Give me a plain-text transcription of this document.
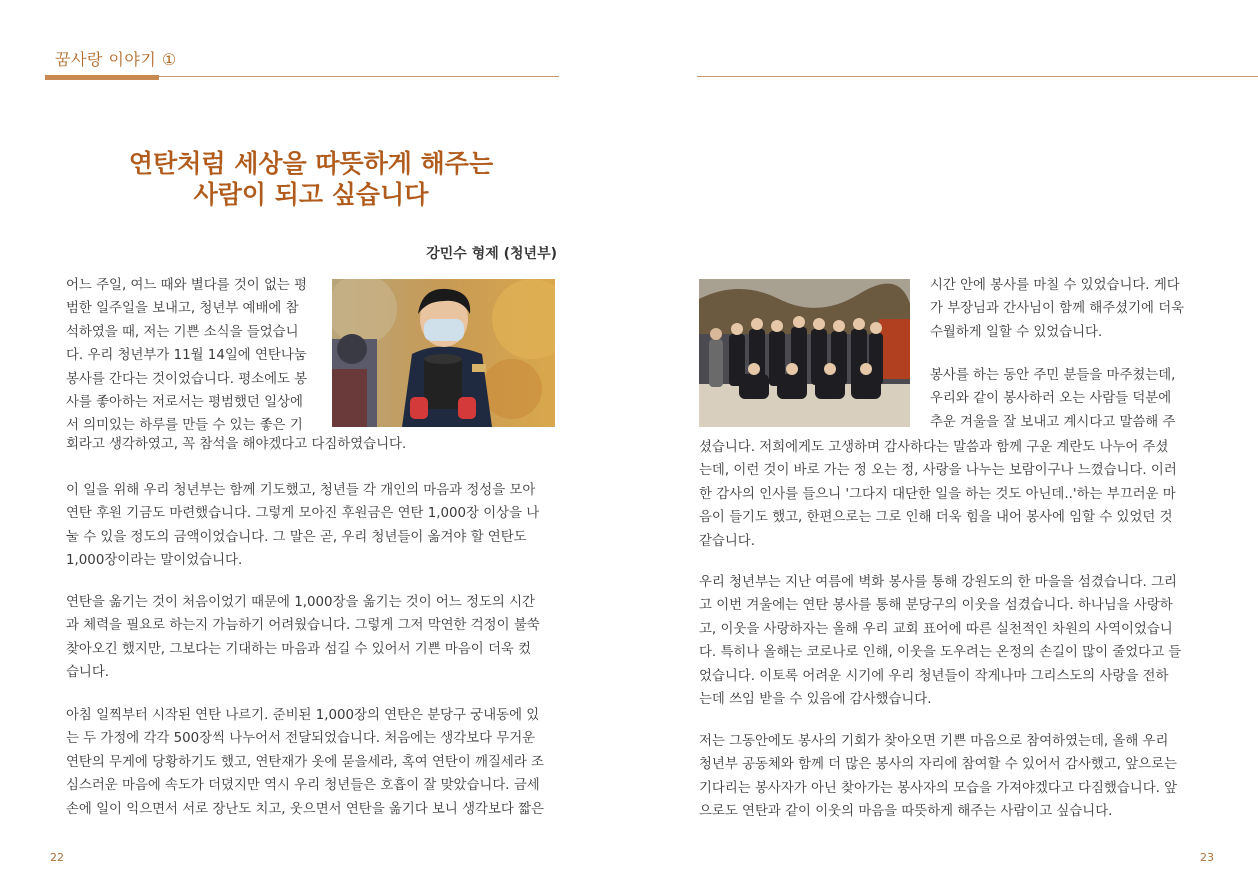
꿈사랑 이야기 ①
연탄처럼 세상을 따뜻하게 해주는
사람이 되고 싶습니다
강민수 형제 (청년부)
어느 주일, 여느 때와 별다를 것이 없는 평
범한 일주일을 보내고, 청년부 예배에 참
석하였을 때, 저는 기쁜 소식을 들었습니
다. 우리 청년부가 11월 14일에 연탄나눔
봉사를 간다는 것이었습니다. 평소에도 봉
사를 좋아하는 저로서는 평범했던 일상에
서 의미있는 하루를 만들 수 있는 좋은 기
회라고 생각하였고, 꼭 참석을 해야겠다고 다짐하였습니다.
이 일을 위해 우리 청년부는 함께 기도했고, 청년들 각 개인의 마음과 정성을 모아
연탄 후원 기금도 마련했습니다. 그렇게 모아진 후원금은 연탄 1,000장 이상을 나
눌 수 있을 정도의 금액이었습니다. 그 말은 곧, 우리 청년들이 옮겨야 할 연탄도
1,000장이라는 말이었습니다.
연탄을 옮기는 것이 처음이었기 때문에 1,000장을 옮기는 것이 어느 정도의 시간
과 체력을 필요로 하는지 가늠하기 어려웠습니다. 그렇게 그저 막연한 걱정이 불쑥
찾아오긴 했지만, 그보다는 기대하는 마음과 섬길 수 있어서 기쁜 마음이 더욱 컸
습니다.
아침 일찍부터 시작된 연탄 나르기. 준비된 1,000장의 연탄은 분당구 궁내동에 있
는 두 가정에 각각 500장씩 나누어서 전달되었습니다. 처음에는 생각보다 무거운
연탄의 무게에 당황하기도 했고, 연탄재가 옷에 묻을세라, 혹여 연탄이 깨질세라 조
심스러운 마음에 속도가 더뎠지만 역시 우리 청년들은 호흡이 잘 맞았습니다. 금세
손에 일이 익으면서 서로 장난도 치고, 웃으면서 연탄을 옮기다 보니 생각보다 짧은
22
시간 안에 봉사를 마칠 수 있었습니다. 게다
가 부장님과 간사님이 함께 해주셨기에 더욱
수월하게 일할 수 있었습니다.
봉사를 하는 동안 주민 분들을 마주쳤는데,
우리와 같이 봉사하러 오는 사람들 덕분에
추운 겨울을 잘 보내고 계시다고 말씀해 주
셨습니다. 저희에게도 고생하며 감사하다는 말씀과 함께 구운 계란도 나누어 주셨
는데, 이런 것이 바로 가는 정 오는 정, 사랑을 나누는 보람이구나 느꼈습니다. 이러
한 감사의 인사를 들으니 '그다지 대단한 일을 하는 것도 아닌데..'하는 부끄러운 마
음이 들기도 했고, 한편으로는 그로 인해 더욱 힘을 내어 봉사에 임할 수 있었던 것
같습니다.
우리 청년부는 지난 여름에 벽화 봉사를 통해 강원도의 한 마을을 섬겼습니다. 그리
고 이번 겨울에는 연탄 봉사를 통해 분당구의 이웃을 섬겼습니다. 하나님을 사랑하
고, 이웃을 사랑하자는 올해 우리 교회 표어에 따른 실천적인 차원의 사역이었습니
다. 특히나 올해는 코로나로 인해, 이웃을 도우려는 온정의 손길이 많이 줄었다고 들
었습니다. 이토록 어려운 시기에 우리 청년들이 작게나마 그리스도의 사랑을 전하
는데 쓰임 받을 수 있음에 감사했습니다.
저는 그동안에도 봉사의 기회가 찾아오면 기쁜 마음으로 참여하였는데, 올해 우리
청년부 공동체와 함께 더 많은 봉사의 자리에 참여할 수 있어서 감사했고, 앞으로는
기다리는 봉사자가 아닌 찾아가는 봉사자의 모습을 가져야겠다고 다짐했습니다. 앞
으로도 연탄과 같이 이웃의 마음을 따뜻하게 해주는 사람이고 싶습니다.
23
